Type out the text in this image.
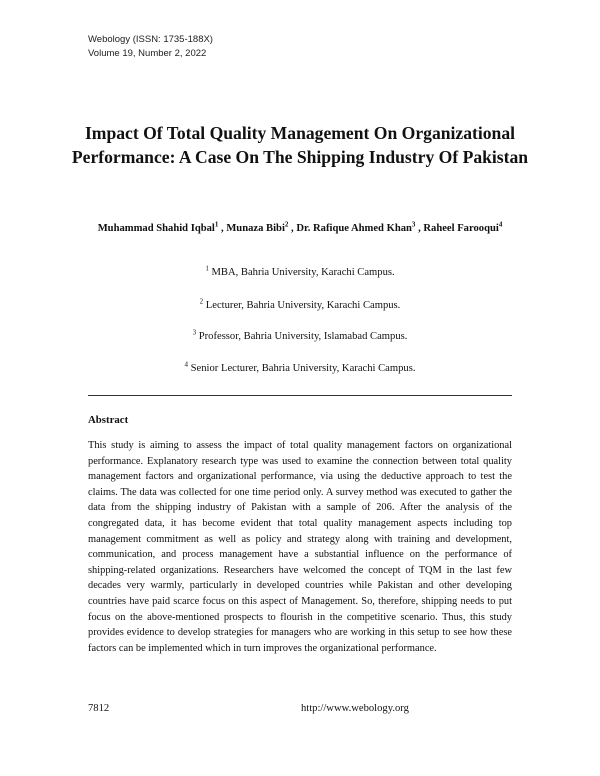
Webology (ISSN: 1735-188X)
Volume 19, Number 2, 2022
Impact Of Total Quality Management On Organizational Performance: A Case On The Shipping Industry Of Pakistan
Muhammad Shahid Iqbal$^1$ , Munaza Bibi$^2$ , Dr. Rafique Ahmed Khan$^3$ , Raheel Farooqui$^4$
$^1$ MBA, Bahria University, Karachi Campus.
$^2$ Lecturer, Bahria University, Karachi Campus.
$^3$ Professor, Bahria University, Islamabad Campus.
$^4$ Senior Lecturer, Bahria University, Karachi Campus.
Abstract

This study is aiming to assess the impact of total quality management factors on organizational performance. Explanatory research type was used to examine the connection between total quality management factors and organizational performance, via using the deductive approach to test the claims. The data was collected for one time period only. A survey method was executed to gather the data from the shipping industry of Pakistan with a sample of 206. After the analysis of the congregated data, it has become evident that total quality management aspects including top management commitment as well as policy and strategy along with training and development, communication, and process management have a substantial influence on the performance of shipping-related organizations. Researchers have welcomed the concept of TQM in the last few decades very warmly, particularly in developed countries while Pakistan and other developing countries have paid scarce focus on this aspect of Management. So, therefore, shipping needs to put focus on the above-mentioned prospects to flourish in the competitive scenario. Thus, this study provides evidence to develop strategies for managers who are working in this setup to see how these factors can be implemented which in turn improves the organizational performance.

7812	http://www.webology.org
